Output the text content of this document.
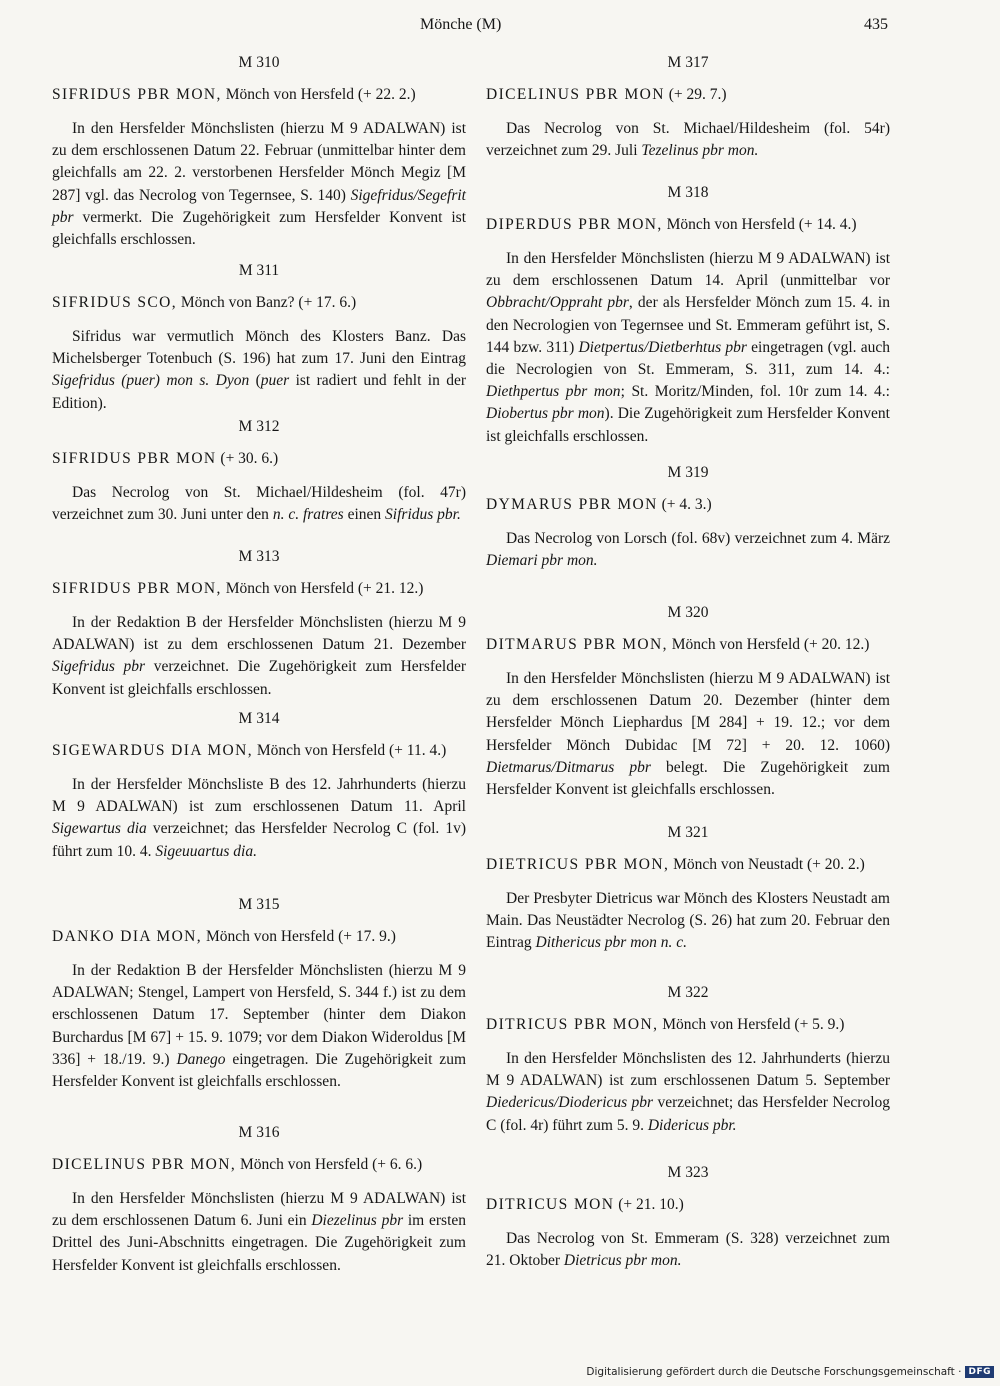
Mönche (M)	435
M 310
SIFRIDUS PBR MON, Mönch von Hersfeld (+ 22. 2.)
In den Hersfelder Mönchslisten (hierzu M 9 ADALWAN) ist zu dem erschlossenen Datum 22. Februar (unmittelbar hinter dem gleichfalls am 22. 2. verstorbenen Hersfelder Mönch Megiz [M 287] vgl. das Necrolog von Tegernsee, S. 140) Sigefridus/Segefrit pbr vermerkt. Die Zugehörigkeit zum Hersfelder Konvent ist gleichfalls erschlossen.
M 311
SIFRIDUS SCO, Mönch von Banz? (+ 17. 6.)
Sifridus war vermutlich Mönch des Klosters Banz. Das Michelsberger Totenbuch (S. 196) hat zum 17. Juni den Eintrag Sigefridus (puer) mon s. Dyon (puer ist radiert und fehlt in der Edition).
M 312
SIFRIDUS PBR MON (+ 30. 6.)
Das Necrolog von St. Michael/Hildesheim (fol. 47r) verzeichnet zum 30. Juni unter den n. c. fratres einen Sifridus pbr.
M 313
SIFRIDUS PBR MON, Mönch von Hersfeld (+ 21. 12.)
In der Redaktion B der Hersfelder Mönchslisten (hierzu M 9 ADALWAN) ist zu dem erschlossenen Datum 21. Dezember Sigefridus pbr verzeichnet. Die Zugehörigkeit zum Hersfelder Konvent ist gleichfalls erschlossen.
M 314
SIGEWARDUS DIA MON, Mönch von Hersfeld (+ 11. 4.)
In der Hersfelder Mönchsliste B des 12. Jahrhunderts (hierzu M 9 ADALWAN) ist zum erschlossenen Datum 11. April Sigewartus dia verzeichnet; das Hersfelder Necrolog C (fol. 1v) führt zum 10. 4. Sigeuuartus dia.
M 315
DANKO DIA MON, Mönch von Hersfeld (+ 17. 9.)
In der Redaktion B der Hersfelder Mönchslisten (hierzu M 9 ADALWAN; Stengel, Lampert von Hersfeld, S. 344 f.) ist zu dem erschlossenen Datum 17. September (hinter dem Diakon Burchardus [M 67] + 15. 9. 1079; vor dem Diakon Wideroldus [M 336] + 18./19. 9.) Danego eingetragen. Die Zugehörigkeit zum Hersfelder Konvent ist gleichfalls erschlossen.
M 316
DICELINUS PBR MON, Mönch von Hersfeld (+ 6. 6.)
In den Hersfelder Mönchslisten (hierzu M 9 ADALWAN) ist zu dem erschlossenen Datum 6. Juni ein Diezelinus pbr im ersten Drittel des Juni-Abschnitts eingetragen. Die Zugehörigkeit zum Hersfelder Konvent ist gleichfalls erschlossen.
M 317
DICELINUS PBR MON (+ 29. 7.)
Das Necrolog von St. Michael/Hildesheim (fol. 54r) verzeichnet zum 29. Juli Tezelinus pbr mon.
M 318
DIPERDUS PBR MON, Mönch von Hersfeld (+ 14. 4.)
In den Hersfelder Mönchslisten (hierzu M 9 ADALWAN) ist zu dem erschlossenen Datum 14. April (unmittelbar vor Obbracht/Oppraht pbr, der als Hersfelder Mönch zum 15. 4. in den Necrologien von Tegernsee und St. Emmeram geführt ist, S. 144 bzw. 311) Dietpertus/Dietberhtus pbr eingetragen (vgl. auch die Necrologien von St. Emmeram, S. 311, zum 14. 4.: Diethpertus pbr mon; St. Moritz/Minden, fol. 10r zum 14. 4.: Diobertus pbr mon). Die Zugehörigkeit zum Hersfelder Konvent ist gleichfalls erschlossen.
M 319
DYMARUS PBR MON (+ 4. 3.)
Das Necrolog von Lorsch (fol. 68v) verzeichnet zum 4. März Diemari pbr mon.
M 320
DITMARUS PBR MON, Mönch von Hersfeld (+ 20. 12.)
In den Hersfelder Mönchslisten (hierzu M 9 ADALWAN) ist zu dem erschlossenen Datum 20. Dezember (hinter dem Hersfelder Mönch Liephardus [M 284] + 19. 12.; vor dem Hersfelder Mönch Dubidac [M 72] + 20. 12. 1060) Dietmarus/Ditmarus pbr belegt. Die Zugehörigkeit zum Hersfelder Konvent ist gleichfalls erschlossen.
M 321
DIETRICUS PBR MON, Mönch von Neustadt (+ 20. 2.)
Der Presbyter Dietricus war Mönch des Klosters Neustadt am Main. Das Neustädter Necrolog (S. 26) hat zum 20. Februar den Eintrag Dithericus pbr mon n. c.
M 322
DITRICUS PBR MON, Mönch von Hersfeld (+ 5. 9.)
In den Hersfelder Mönchslisten des 12. Jahrhunderts (hierzu M 9 ADALWAN) ist zum erschlossenen Datum 5. September Diedericus/Diodericus pbr verzeichnet; das Hersfelder Necrolog C (fol. 4r) führt zum 5. 9. Didericus pbr.
M 323
DITRICUS MON (+ 21. 10.)
Das Necrolog von St. Emmeram (S. 328) verzeichnet zum 21. Oktober Dietricus pbr mon.
Digitalisierung gefördert durch die Deutsche Forschungsgemeinschaft · DFG
